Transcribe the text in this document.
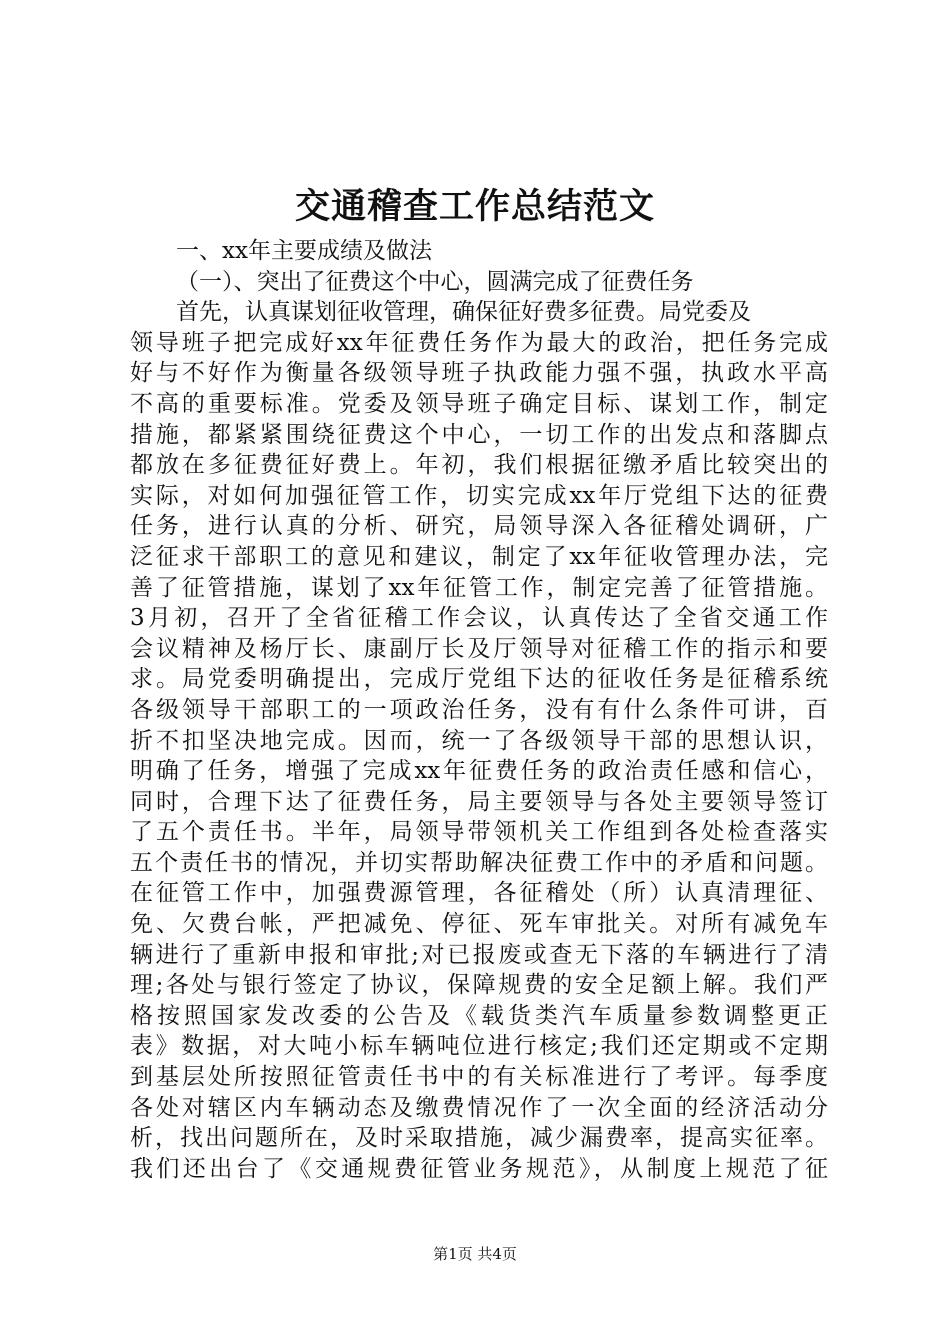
交通稽查工作总结范文
一、xx年主要成绩及做法
（一）、突出了征费这个中心，圆满完成了征费任务
首先，认真谋划征收管理，确保征好费多征费。局党委及
领导班子把完成好xx年征费任务作为最大的政治，把任务完成
好与不好作为衡量各级领导班子执政能力强不强，执政水平高
不高的重要标准。党委及领导班子确定目标、谋划工作，制定
措施，都紧紧围绕征费这个中心，一切工作的出发点和落脚点
都放在多征费征好费上。年初，我们根据征缴矛盾比较突出的
实际，对如何加强征管工作，切实完成xx年厅党组下达的征费
任务，进行认真的分析、研究，局领导深入各征稽处调研，广
泛征求干部职工的意见和建议，制定了xx年征收管理办法，完
善了征管措施，谋划了xx年征管工作，制定完善了征管措施。
3月初，召开了全省征稽工作会议，认真传达了全省交通工作
会议精神及杨厅长、康副厅长及厅领导对征稽工作的指示和要
求。局党委明确提出，完成厅党组下达的征收任务是征稽系统
各级领导干部职工的一项政治任务，没有有什么条件可讲，百
折不扣坚决地完成。因而，统一了各级领导干部的思想认识，
明确了任务，增强了完成xx年征费任务的政治责任感和信心，
同时，合理下达了征费任务，局主要领导与各处主要领导签订
了五个责任书。半年，局领导带领机关工作组到各处检查落实
五个责任书的情况，并切实帮助解决征费工作中的矛盾和问题。
在征管工作中，加强费源管理，各征稽处（所）认真清理征、
免、欠费台帐，严把减免、停征、死车审批关。对所有减免车
辆进行了重新申报和审批;对已报废或查无下落的车辆进行了清
理;各处与银行签定了协议，保障规费的安全足额上解。我们严
格按照国家发改委的公告及《载货类汽车质量参数调整更正
表》数据，对大吨小标车辆吨位进行核定;我们还定期或不定期
到基层处所按照征管责任书中的有关标准进行了考评。每季度
各处对辖区内车辆动态及缴费情况作了一次全面的经济活动分
析，找出问题所在，及时采取措施，减少漏费率，提高实征率。
我们还出台了《交通规费征管业务规范》，从制度上规范了征
第1页 共4页
